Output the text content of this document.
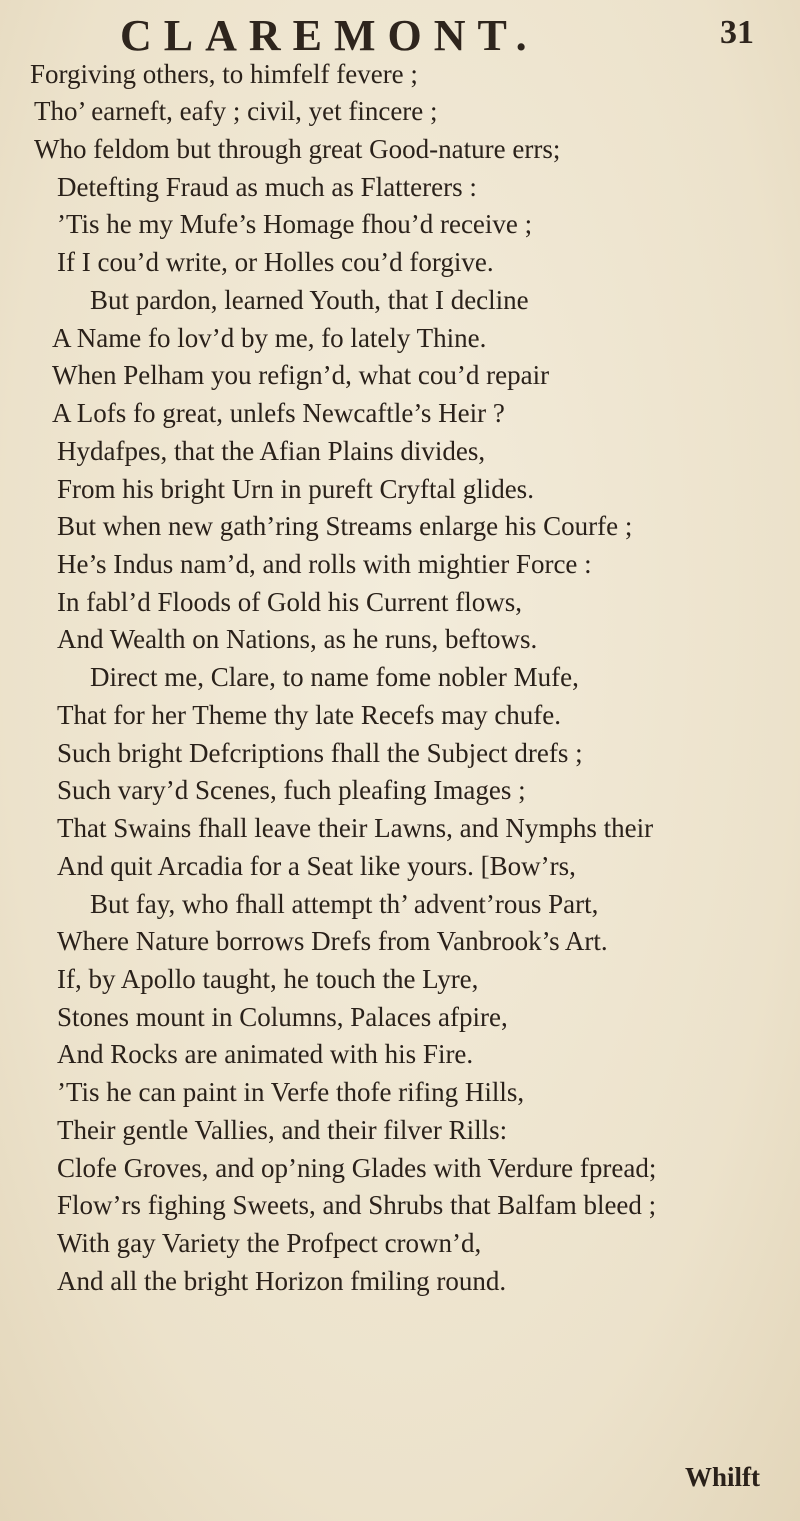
CLAREMONT.	31
Forgiving others, to himfelf fevere ;
Tho’ earneft, eafy ; civil, yet fincere ;
Who feldom but through great Good-nature errs;
Detefting Fraud as much as Flatterers :
’Tis he my Mufe’s Homage fhou’d receive ;
If I cou’d write, or Holles cou’d forgive.
But pardon, learned Youth, that I decline
A Name fo lov’d by me, fo lately Thine.
When Pelham you refign’d, what cou’d repair
A Lofs fo great, unlefs Newcaftle’s Heir ?
Hydafpes, that the Afian Plains divides,
From his bright Urn in pureft Cryftal glides.
But when new gath’ring Streams enlarge his Courfe ;
He’s Indus nam’d, and rolls with mightier Force :
In fabl’d Floods of Gold his Current flows,
And Wealth on Nations, as he runs, beftows.
Direct me, Clare, to name fome nobler Mufe,
That for her Theme thy late Recefs may chufe.
Such bright Defcriptions fhall the Subject drefs ;
Such vary’d Scenes, fuch pleafing Images ;
That Swains fhall leave their Lawns, and Nymphs their
And quit Arcadia for a Seat like yours. [Bow’rs,
But fay, who fhall attempt th’ advent’rous Part,
Where Nature borrows Drefs from Vanbrook’s Art.
If, by Apollo taught, he touch the Lyre,
Stones mount in Columns, Palaces afpire,
And Rocks are animated with his Fire.
’Tis he can paint in Verfe thofe rifing Hills,
Their gentle Vallies, and their filver Rills:
Clofe Groves, and op’ning Glades with Verdure fpread;
Flow’rs fighing Sweets, and Shrubs that Balfam bleed ;
With gay Variety the Profpect crown’d,
And all the bright Horizon fmiling round.
Whilft
